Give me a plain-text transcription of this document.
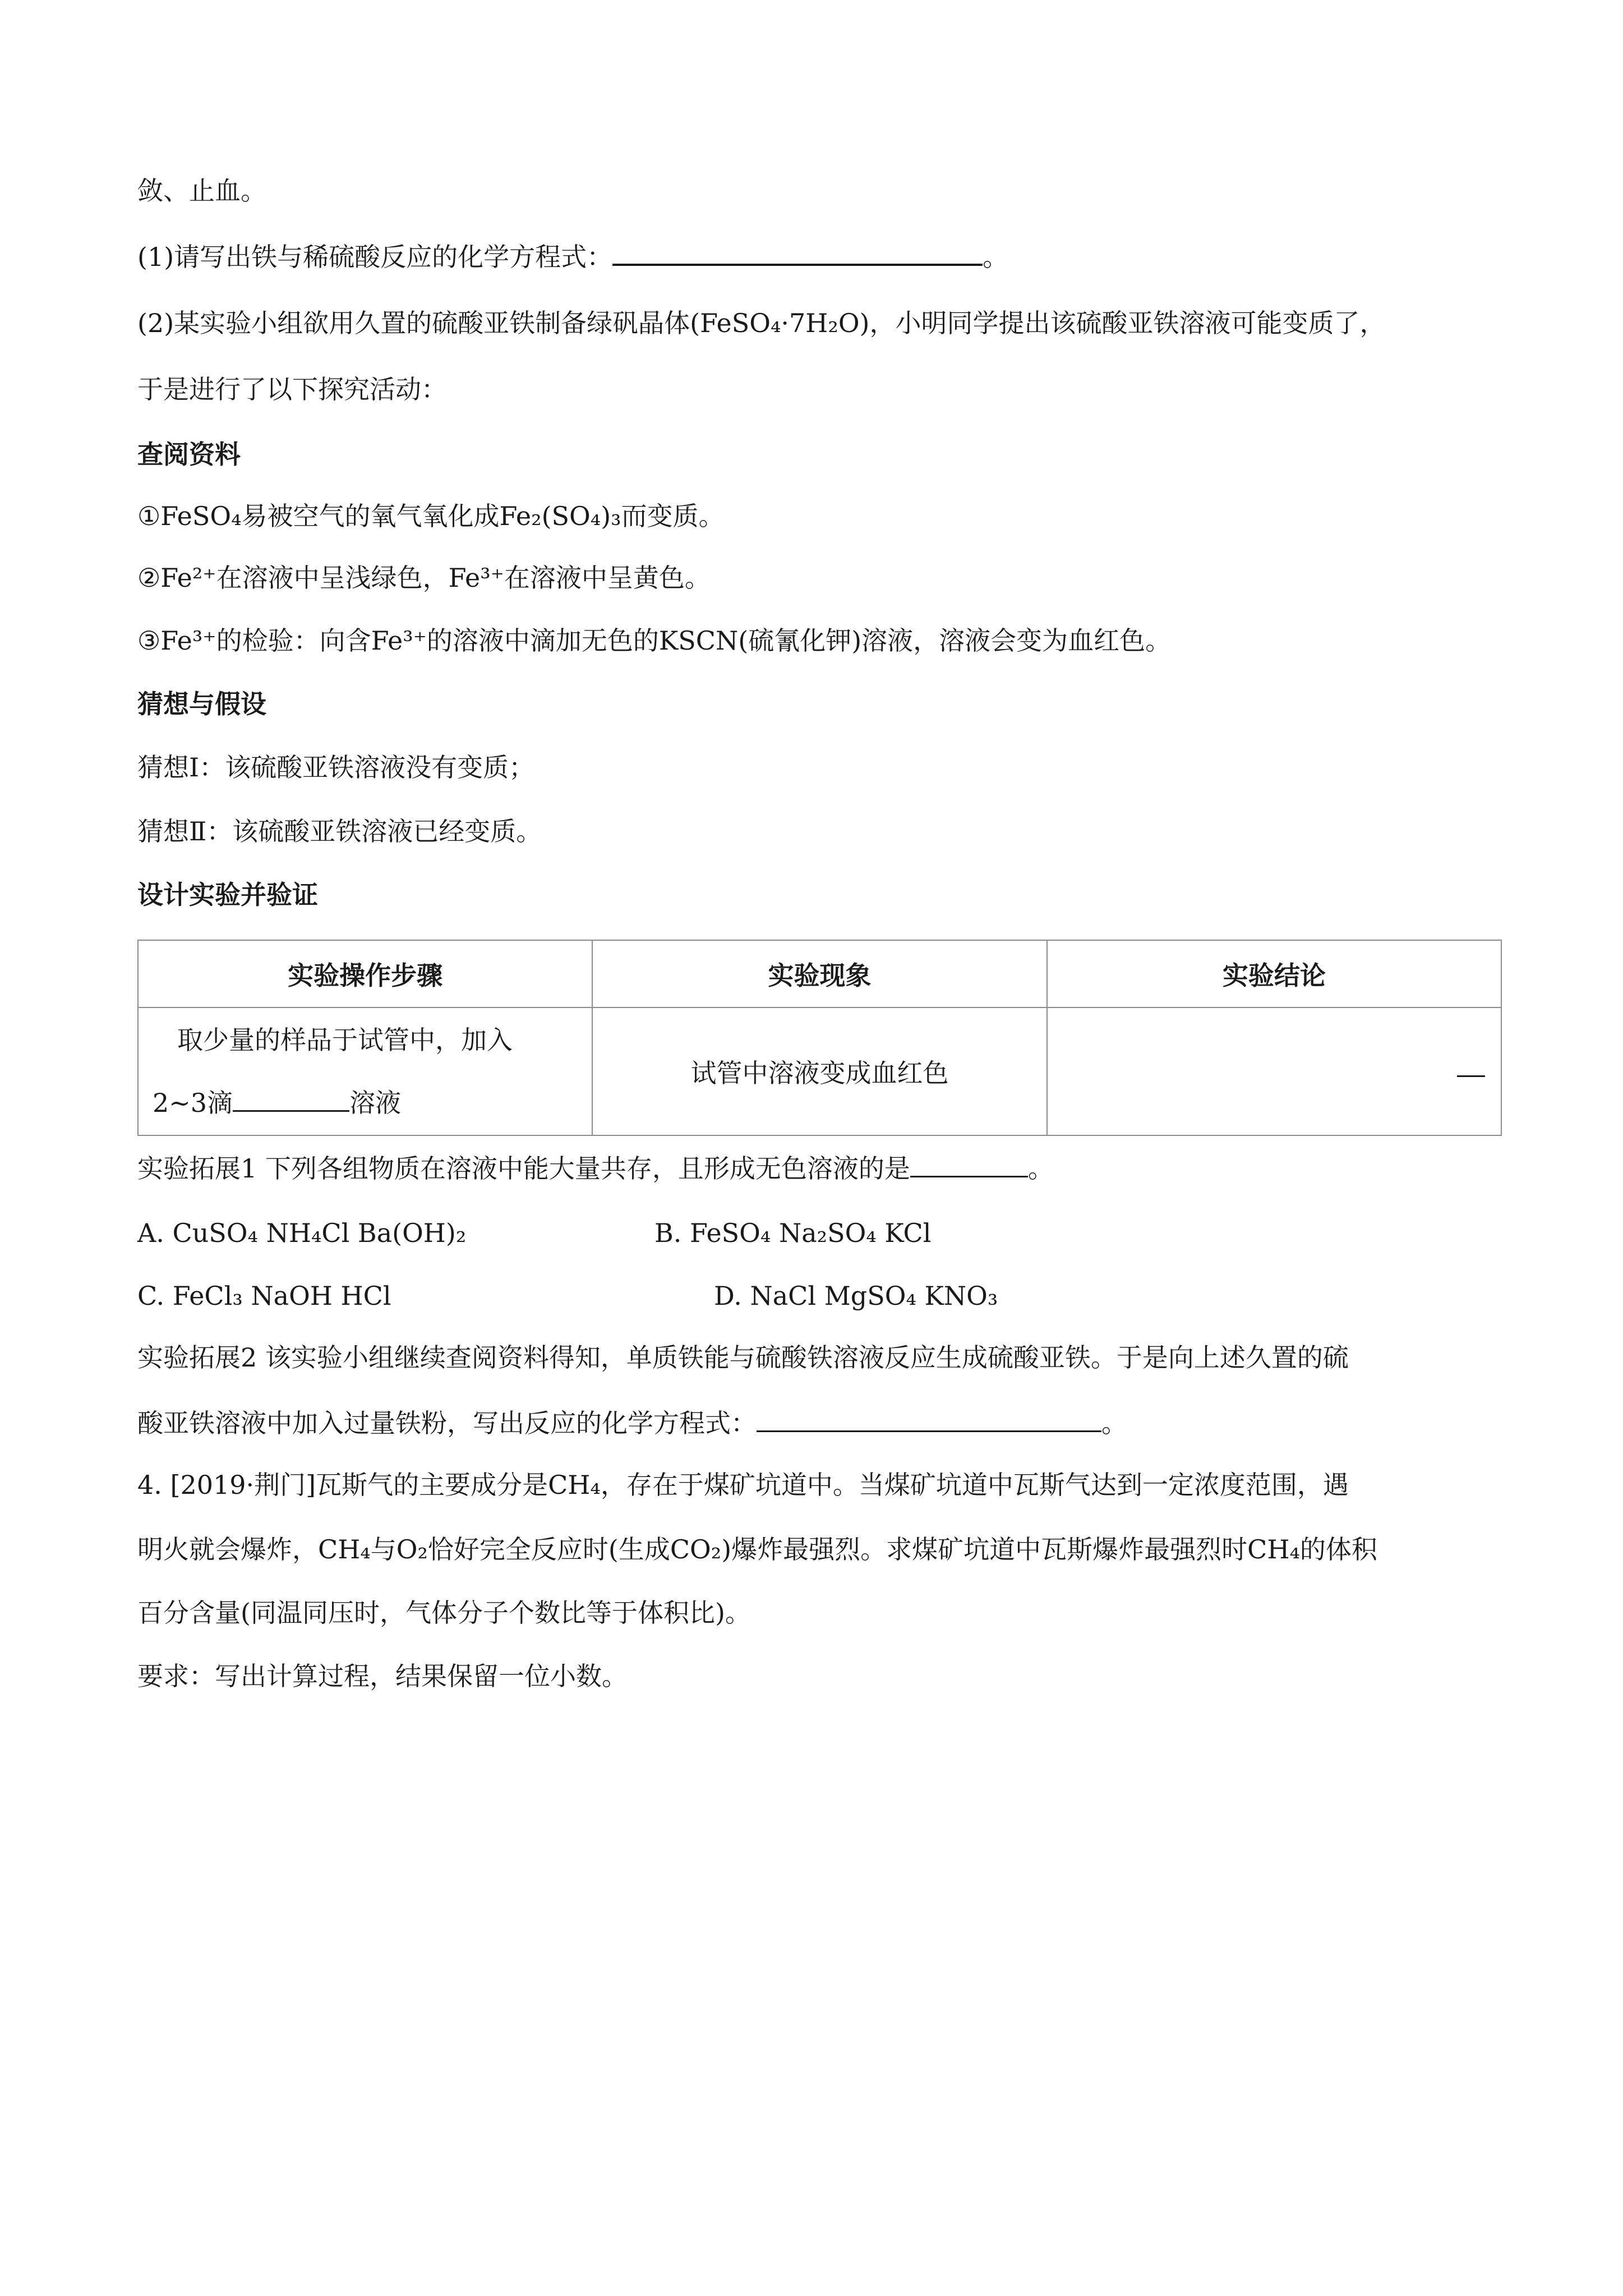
敛、止血。
(1)请写出铁与稀硫酸反应的化学方程式：	。
(2)某实验小组欲用久置的硫酸亚铁制备绿矾晶体(FeSO₄·7H₂O)，小明同学提出该硫酸亚铁溶液可能变质了，
于是进行了以下探究活动：
查阅资料
①FeSO₄易被空气的氧气氧化成Fe₂(SO₄)₃而变质。
②Fe²⁺在溶液中呈浅绿色，Fe³⁺在溶液中呈黄色。
③Fe³⁺的检验：向含Fe³⁺的溶液中滴加无色的KSCN(硫氰化钾)溶液，溶液会变为血红色。
猜想与假设
猜想Ⅰ：该硫酸亚铁溶液没有变质；
猜想Ⅱ：该硫酸亚铁溶液已经变质。
设计实验并验证
实验操作步骤	实验现象	实验结论

取少量的样品于试管中，加入
2~3滴 溶液	试管中溶液变成血红色	
实验拓展1 下列各组物质在溶液中能大量共存，且形成无色溶液的是	。
A. CuSO₄ NH₄Cl Ba(OH)₂	B. FeSO₄ Na₂SO₄ KCl
C. FeCl₃ NaOH HCl	D. NaCl MgSO₄ KNO₃
实验拓展2 该实验小组继续查阅资料得知，单质铁能与硫酸铁溶液反应生成硫酸亚铁。于是向上述久置的硫
酸亚铁溶液中加入过量铁粉，写出反应的化学方程式：	。
4. [2019·荆门]瓦斯气的主要成分是CH₄，存在于煤矿坑道中。当煤矿坑道中瓦斯气达到一定浓度范围，遇
明火就会爆炸，CH₄与O₂恰好完全反应时(生成CO₂)爆炸最强烈。求煤矿坑道中瓦斯爆炸最强烈时CH₄的体积
百分含量(同温同压时，气体分子个数比等于体积比)。
要求：写出计算过程，结果保留一位小数。
